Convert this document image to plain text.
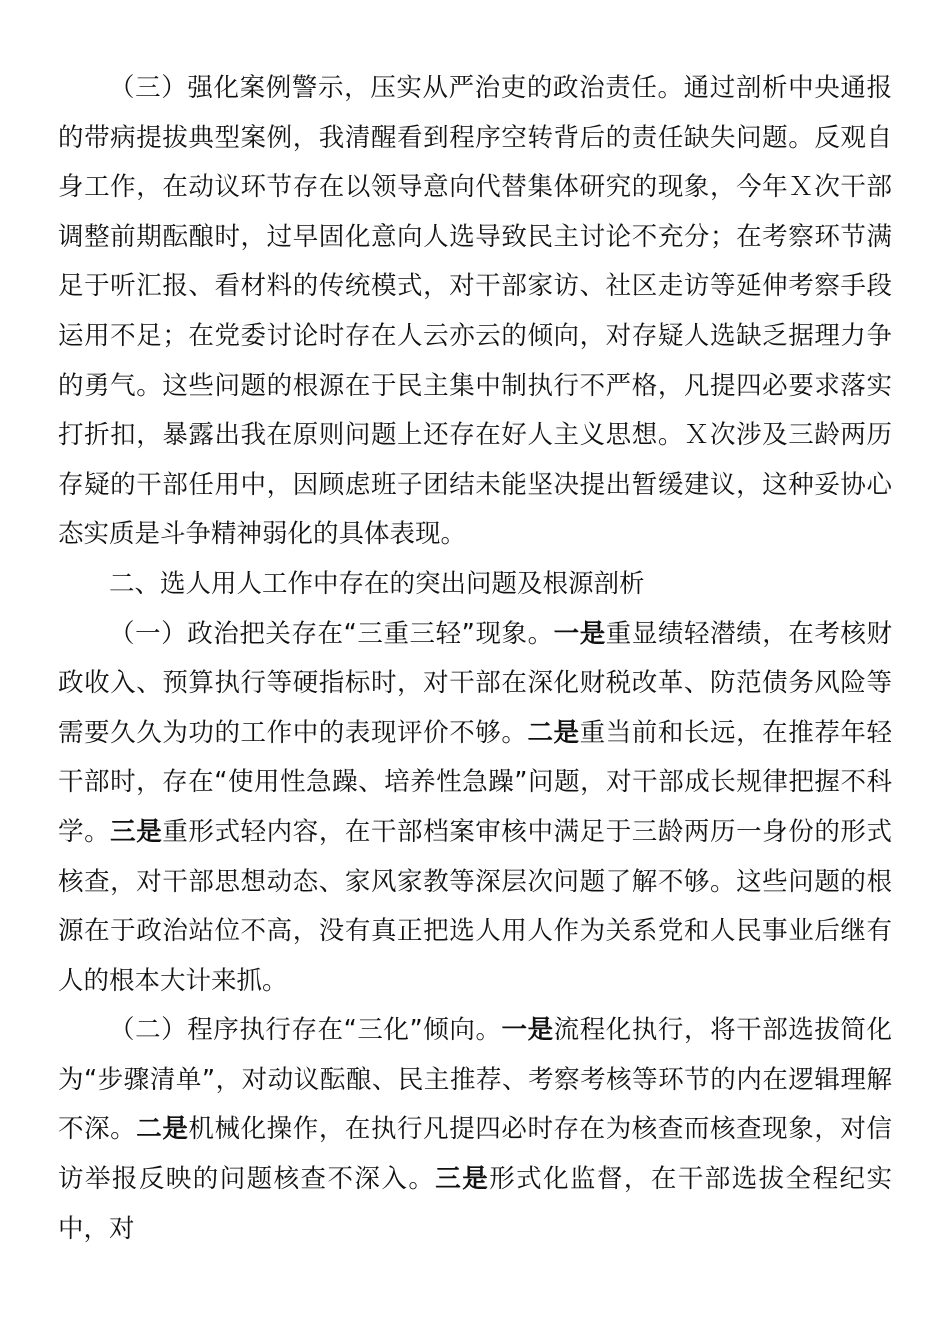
（三）强化案例警示，压实从严治吏的政治责任。通过剖析中央通报的带病提拔典型案例，我清醒看到程序空转背后的责任缺失问题。反观自身工作，在动议环节存在以领导意向代替集体研究的现象，今年Ｘ次干部调整前期酝酿时，过早固化意向人选导致民主讨论不充分；在考察环节满足于听汇报、看材料的传统模式，对干部家访、社区走访等延伸考察手段运用不足；在党委讨论时存在人云亦云的倾向，对存疑人选缺乏据理力争的勇气。这些问题的根源在于民主集中制执行不严格，凡提四必要求落实打折扣，暴露出我在原则问题上还存在好人主义思想。Ｘ次涉及三龄两历存疑的干部任用中，因顾虑班子团结未能坚决提出暂缓建议，这种妥协心态实质是斗争精神弱化的具体表现。

二、选人用人工作中存在的突出问题及根源剖析

（一）政治把关存在“三重三轻”现象。一是重显绩轻潜绩，在考核财政收入、预算执行等硬指标时，对干部在深化财税改革、防范债务风险等需要久久为功的工作中的表现评价不够。二是重当前和长远，在推荐年轻干部时，存在“使用性急躁、培养性急躁”问题，对干部成长规律把握不科学。三是重形式轻内容，在干部档案审核中满足于三龄两历一身份的形式核查，对干部思想动态、家风家教等深层次问题了解不够。这些问题的根源在于政治站位不高，没有真正把选人用人作为关系党和人民事业后继有人的根本大计来抓。

（二）程序执行存在“三化”倾向。一是流程化执行，将干部选拔简化为“步骤清单”，对动议酝酿、民主推荐、考察考核等环节的内在逻辑理解不深。二是机械化操作，在执行凡提四必时存在为核查而核查现象，对信访举报反映的问题核查不深入。三是形式化监督，在干部选拔全程纪实中，对
